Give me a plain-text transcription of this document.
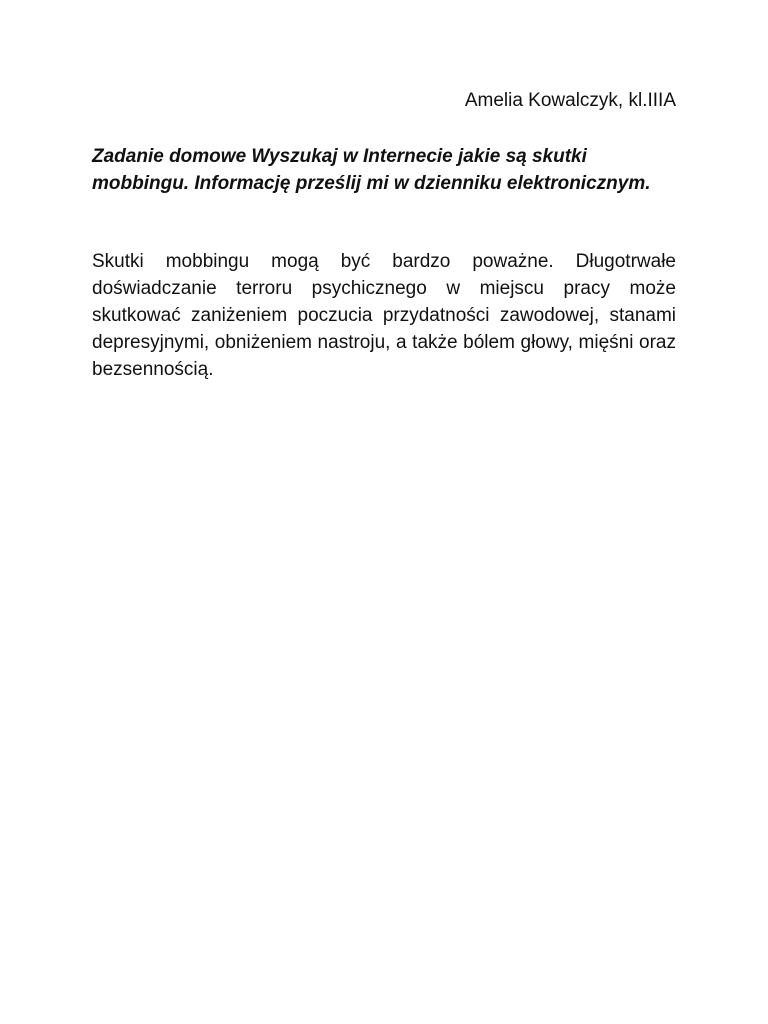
Amelia Kowalczyk, kl.IIIA
Zadanie domowe Wyszukaj w Internecie jakie są skutki mobbingu. Informację prześlij mi w dzienniku elektronicznym.
Skutki mobbingu mogą być bardzo poważne. Długotrwałe doświadczanie terroru psychicznego w miejscu pracy może skutkować zaniżeniem poczucia przydatności zawodowej, stanami depresyjnymi, obniżeniem nastroju, a także bólem głowy, mięśni oraz bezsennością.
